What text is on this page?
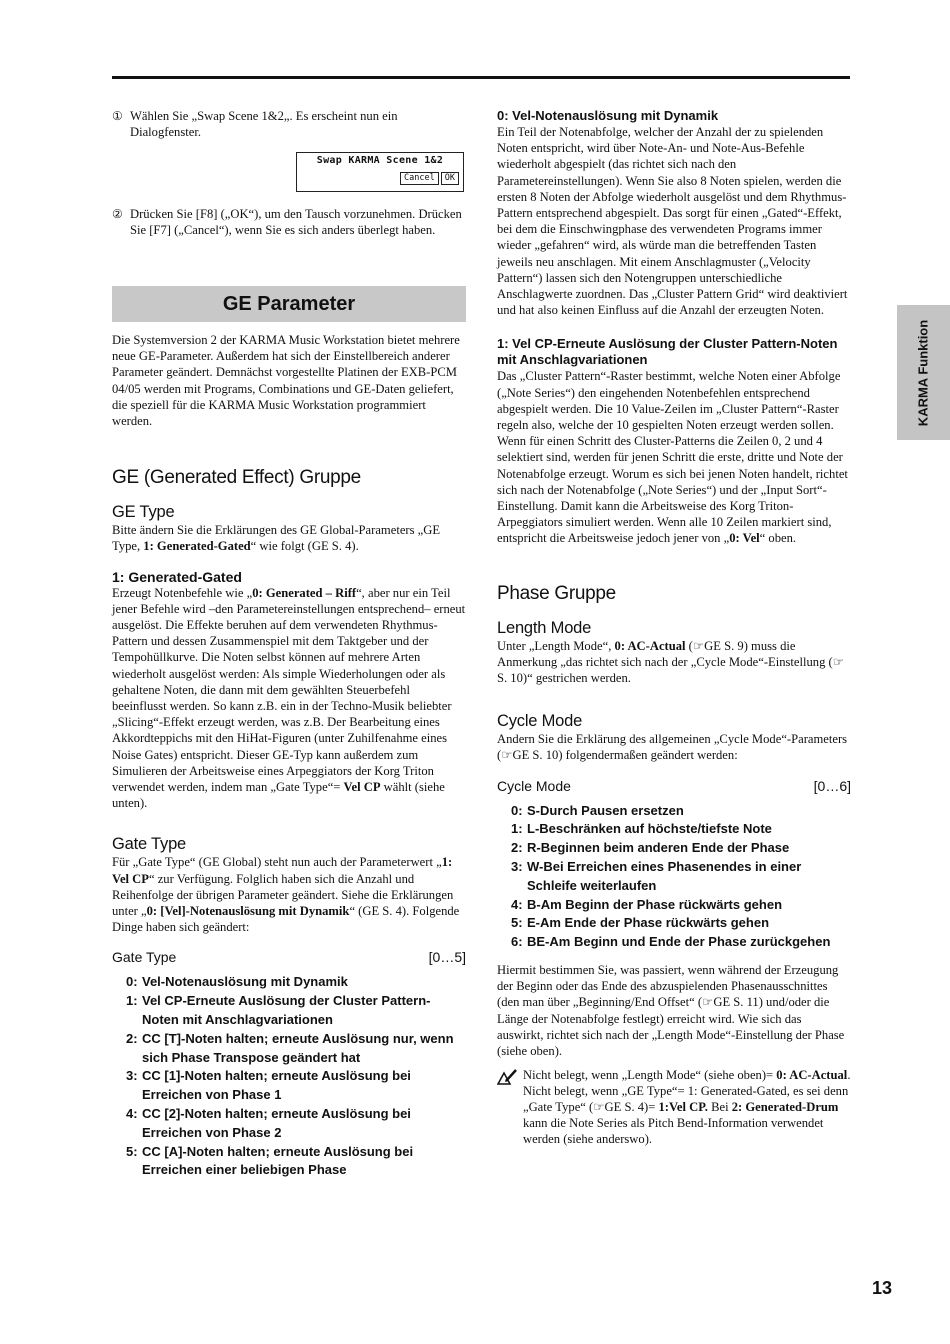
① Wählen Sie „Swap Scene 1&2„. Es erscheint nun ein Dialogfenster.
Swap KARMA Scene 1&2
Cancel	OK
② Drücken Sie [F8] („OK“), um den Tausch vorzunehmen. Drücken Sie [F7] („Cancel“), wenn Sie es sich anders überlegt haben.
GE Parameter

Die Systemversion 2 der KARMA Music Workstation bietet mehrere neue GE-Parameter. Außerdem hat sich der Einstellbereich anderer Parameter geändert. Demnächst vorgestellte Platinen der EXB-PCM 04/05 werden mit Programs, Combinations und GE-Daten geliefert, die speziell für die KARMA Music Workstation programmiert werden.

GE (Generated Effect) Gruppe
GE Type

Bitte ändern Sie die Erklärungen des GE Global-Parameters „GE Type, 1: Generated-Gated“ wie folgt (GE S. 4).

1: Generated-Gated

Erzeugt Notenbefehle wie „0: Generated – Riff“, aber nur ein Teil jener Befehle wird –den Parametereinstellungen entsprechend– erneut ausgelöst. Die Effekte beruhen auf dem verwendeten Rhythmus-Pattern und dessen Zusammenspiel mit dem Taktgeber und der Tempohüllkurve. Die Noten selbst können auf mehrere Arten wiederholt ausgelöst werden: Als simple Wiederholungen oder als gehaltene Noten, die dann mit dem gewählten Steuerbefehl beeinflusst werden. So kann z.B. ein in der Techno-Musik beliebter „Slicing“-Effekt erzeugt werden, was z.B. Der Bearbeitung eines Akkordteppichs mit den HiHat-Figuren (unter Zuhilfenahme eines Noise Gates) entspricht. Dieser GE-Typ kann außerdem zum Simulieren der Arbeitsweise eines Arpeggiators der Korg Triton verwendet werden, indem man „Gate Type“= Vel CP wählt (siehe unten).

Gate Type

Für „Gate Type“ (GE Global) steht nun auch der Parameterwert „1: Vel CP“ zur Verfügung. Folglich haben sich die Anzahl und Reihenfolge der übrigen Parameter geändert. Siehe die Erklärungen unter „0: [Vel]-Notenauslösung mit Dynamik“ (GE S. 4). Folgende Dinge haben sich geändert:

Gate Type	[0…5]
0: Vel-Notenauslösung mit Dynamik
1: Vel CP-Erneute Auslösung der Cluster Pattern-Noten mit Anschlagvariationen
2: CC [T]-Noten halten; erneute Auslösung nur, wenn sich Phase Transpose geändert hat
3: CC [1]-Noten halten; erneute Auslösung bei Erreichen von Phase 1
4: CC [2]-Noten halten; erneute Auslösung bei Erreichen von Phase 2
5: CC [A]-Noten halten; erneute Auslösung bei Erreichen einer beliebigen Phase
0: Vel-Notenauslösung mit Dynamik

Ein Teil der Notenabfolge, welcher der Anzahl der zu spielenden Noten entspricht, wird über Note-An- und Note-Aus-Befehle wiederholt abgespielt (das richtet sich nach den Parametereinstellungen). Wenn Sie also 8 Noten spielen, werden die ersten 8 Noten der Abfolge wiederholt ausgelöst und dem Rhythmus-Pattern entsprechend abgespielt. Das sorgt für einen „Gated“-Effekt, bei dem die Einschwingphase des verwendeten Programs immer wieder „gefahren“ wird, als würde man die betreffenden Tasten jeweils neu anschlagen. Mit einem Anschlagmuster („Velocity Pattern“) lassen sich den Notengruppen unterschiedliche Anschlagwerte zuordnen. Das „Cluster Pattern Grid“ wird deaktiviert und hat also keinen Einfluss auf die Anzahl der erzeugten Noten.

1: Vel CP-Erneute Auslösung der Cluster Pattern-Noten mit Anschlagvariationen

Das „Cluster Pattern“-Raster bestimmt, welche Noten einer Abfolge („Note Series“) den eingehenden Notenbefehlen entsprechend abgespielt werden. Die 10 Value-Zeilen im „Cluster Pattern“-Raster regeln also, welche der 10 gespielten Noten erzeugt werden sollen. Wenn für einen Schritt des Cluster-Patterns die Zeilen 0, 2 und 4 selektiert sind, werden für jenen Schritt die erste, dritte und Note der Notenabfolge erzeugt. Worum es sich bei jenen Noten handelt, richtet sich nach der Notenabfolge („Note Series“) und der „Input Sort“-Einstellung. Damit kann die Arbeitsweise des Korg Triton-Arpeggiators simuliert werden. Wenn alle 10 Zeilen markiert sind, entspricht die Arbeitsweise jedoch jener von „0: Vel“ oben.

Phase Gruppe
Length Mode

Unter „Length Mode“, 0: AC-Actual (☞GE S. 9) muss die Anmerkung „das richtet sich nach der „Cycle Mode“-Einstellung (☞S. 10)“ gestrichen werden.

Cycle Mode

Andern Sie die Erklärung des allgemeinen „Cycle Mode“-Parameters (☞GE S. 10) folgendermaßen geändert werden:

Cycle Mode	[0…6]
0: S-Durch Pausen ersetzen
1: L-Beschränken auf höchste/tiefste Note
2: R-Beginnen beim anderen Ende der Phase
3: W-Bei Erreichen eines Phasenendes in einer Schleife weiterlaufen
4: B-Am Beginn der Phase rückwärts gehen
5: E-Am Ende der Phase rückwärts gehen
6: BE-Am Beginn und Ende der Phase zurückgehen

Hiermit bestimmen Sie, was passiert, wenn während der Erzeugung der Beginn oder das Ende des abzuspielenden Phasenausschnittes (den man über „Beginning/End Offset“ (☞GE S. 11) und/oder die Länge der Notenabfolge festlegt) erreicht wird. Wie sich das auswirkt, richtet sich nach der „Length Mode“-Einstellung der Phase (siehe oben).

Nicht belegt, wenn „Length Mode“ (siehe oben)= 0: AC-Actual. Nicht belegt, wenn „GE Type“= 1: Generated-Gated, es sei denn „Gate Type“ (☞GE S. 4)= 1:Vel CP. Bei 2: Generated-Drum kann die Note Series als Pitch Bend-Information verwendet werden (siehe anderswo).

KARMA Funktion
13
